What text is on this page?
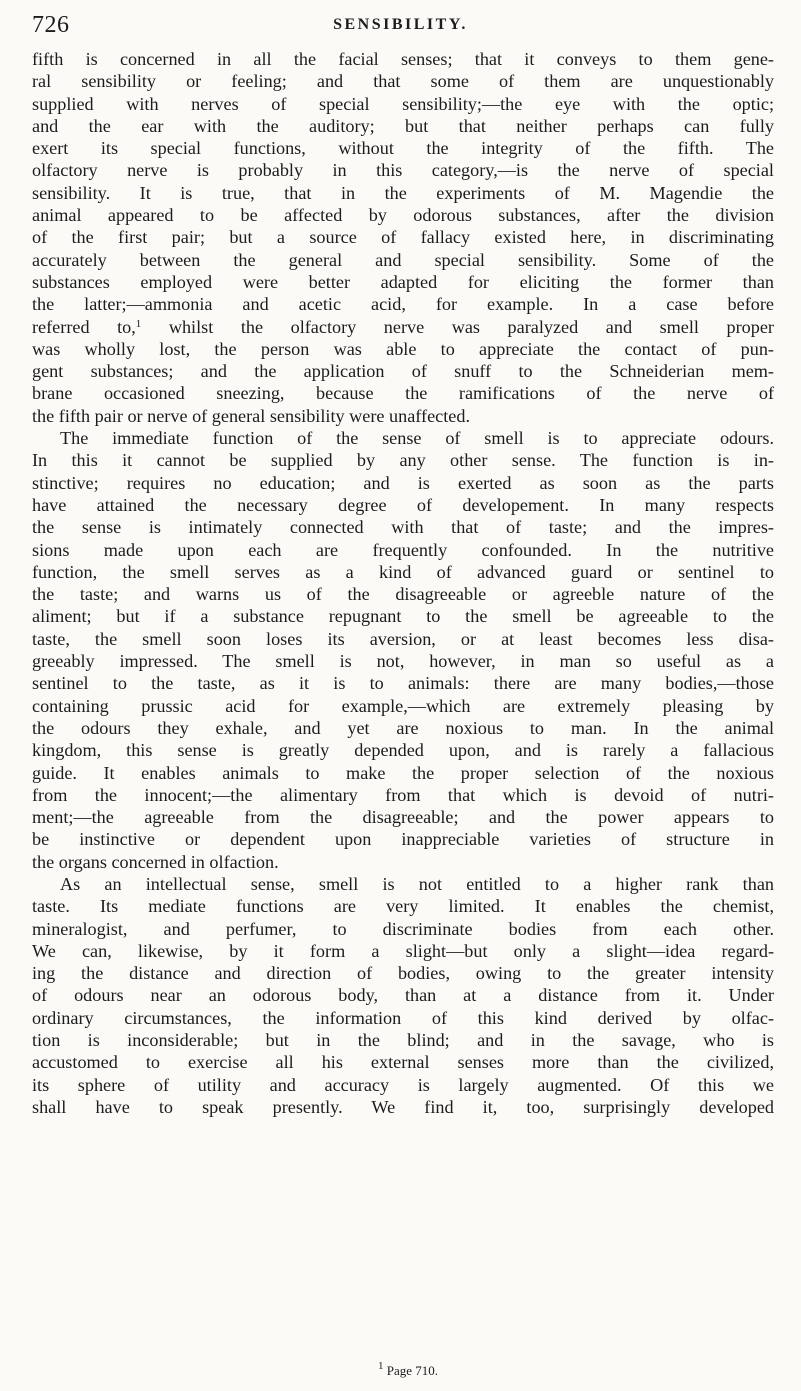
726	SENSIBILITY.
fifth is concerned in all the facial senses; that it conveys to them gene-
ral sensibility or feeling; and that some of them are unquestionably
supplied with nerves of special sensibility;—the eye with the optic;
and the ear with the auditory; but that neither perhaps can fully
exert its special functions, without the integrity of the fifth. The
olfactory nerve is probably in this category,—is the nerve of special
sensibility. It is true, that in the experiments of M. Magendie the
animal appeared to be affected by odorous substances, after the division
of the first pair; but a source of fallacy existed here, in discriminating
accurately between the general and special sensibility. Some of the
substances employed were better adapted for eliciting the former than
the latter;—ammonia and acetic acid, for example. In a case before
referred to,$^1$ whilst the olfactory nerve was paralyzed and smell proper
was wholly lost, the person was able to appreciate the contact of pun-
gent substances; and the application of snuff to the Schneiderian mem-
brane occasioned sneezing, because the ramifications of the nerve of
the fifth pair or nerve of general sensibility were unaffected.
The immediate function of the sense of smell is to appreciate odours.
In this it cannot be supplied by any other sense. The function is in-
stinctive; requires no education; and is exerted as soon as the parts
have attained the necessary degree of developement. In many respects
the sense is intimately connected with that of taste; and the impres-
sions made upon each are frequently confounded. In the nutritive
function, the smell serves as a kind of advanced guard or sentinel to
the taste; and warns us of the disagreeable or agreeble nature of the
aliment; but if a substance repugnant to the smell be agreeable to the
taste, the smell soon loses its aversion, or at least becomes less disa-
greeably impressed. The smell is not, however, in man so useful as a
sentinel to the taste, as it is to animals: there are many bodies,—those
containing prussic acid for example,—which are extremely pleasing by
the odours they exhale, and yet are noxious to man. In the animal
kingdom, this sense is greatly depended upon, and is rarely a fallacious
guide. It enables animals to make the proper selection of the noxious
from the innocent;—the alimentary from that which is devoid of nutri-
ment;—the agreeable from the disagreeable; and the power appears to
be instinctive or dependent upon inappreciable varieties of structure in
the organs concerned in olfaction.
As an intellectual sense, smell is not entitled to a higher rank than
taste. Its mediate functions are very limited. It enables the chemist,
mineralogist, and perfumer, to discriminate bodies from each other.
We can, likewise, by it form a slight—but only a slight—idea regard-
ing the distance and direction of bodies, owing to the greater intensity
of odours near an odorous body, than at a distance from it. Under
ordinary circumstances, the information of this kind derived by olfac-
tion is inconsiderable; but in the blind; and in the savage, who is
accustomed to exercise all his external senses more than the civilized,
its sphere of utility and accuracy is largely augmented. Of this we
shall have to speak presently. We find it, too, surprisingly developed
$^1$ Page 710.
